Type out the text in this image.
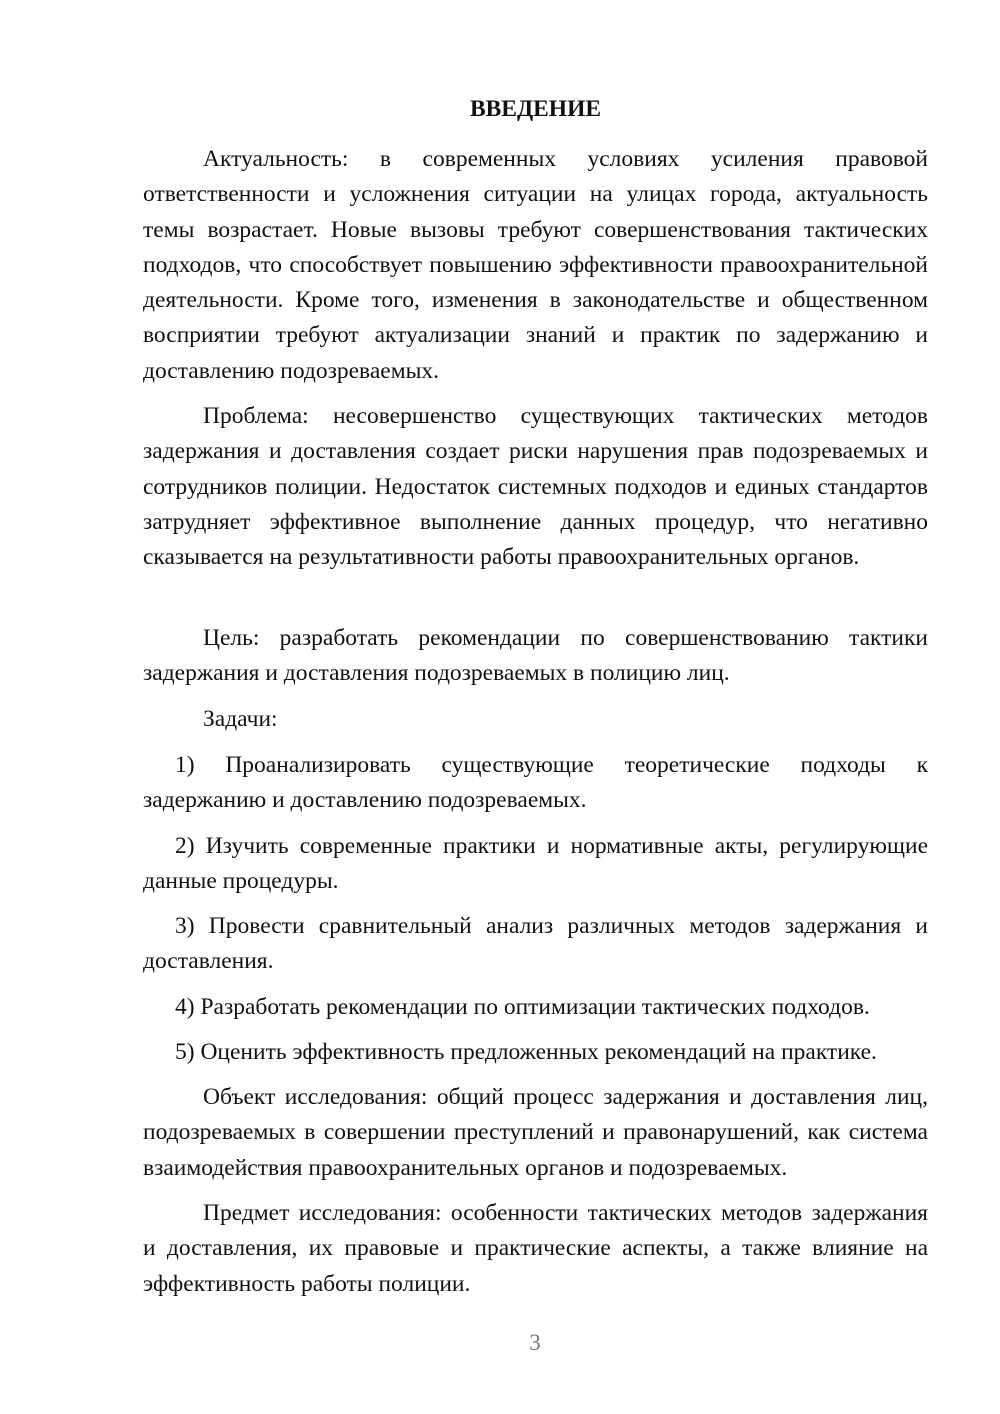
ВВЕДЕНИЕ

Актуальность: в современных условиях усиления правовой ответственности и усложнения ситуации на улицах города, актуальность темы возрастает. Новые вызовы требуют совершенствования тактических подходов, что способствует повышению эффективности правоохранительной деятельности. Кроме того, изменения в законодательстве и общественном восприятии требуют актуализации знаний и практик по задержанию и доставлению подозреваемых.

Проблема: несовершенство существующих тактических методов задержания и доставления создает риски нарушения прав подозреваемых и сотрудников полиции. Недостаток системных подходов и единых стандартов затрудняет эффективное выполнение данных процедур, что негативно сказывается на результативности работы правоохранительных органов.

Цель: разработать рекомендации по совершенствованию тактики задержания и доставления подозреваемых в полицию лиц.

Задачи:

1) Проанализировать существующие теоретические подходы к задержанию и доставлению подозреваемых.

2) Изучить современные практики и нормативные акты, регулирующие данные процедуры.

3) Провести сравнительный анализ различных методов задержания и доставления.

4) Разработать рекомендации по оптимизации тактических подходов.

5) Оценить эффективность предложенных рекомендаций на практике.

Объект исследования: общий процесс задержания и доставления лиц, подозреваемых в совершении преступлений и правонарушений, как система взаимодействия правоохранительных органов и подозреваемых.

Предмет исследования: особенности тактических методов задержания и доставления, их правовые и практические аспекты, а также влияние на эффективность работы полиции.

3
